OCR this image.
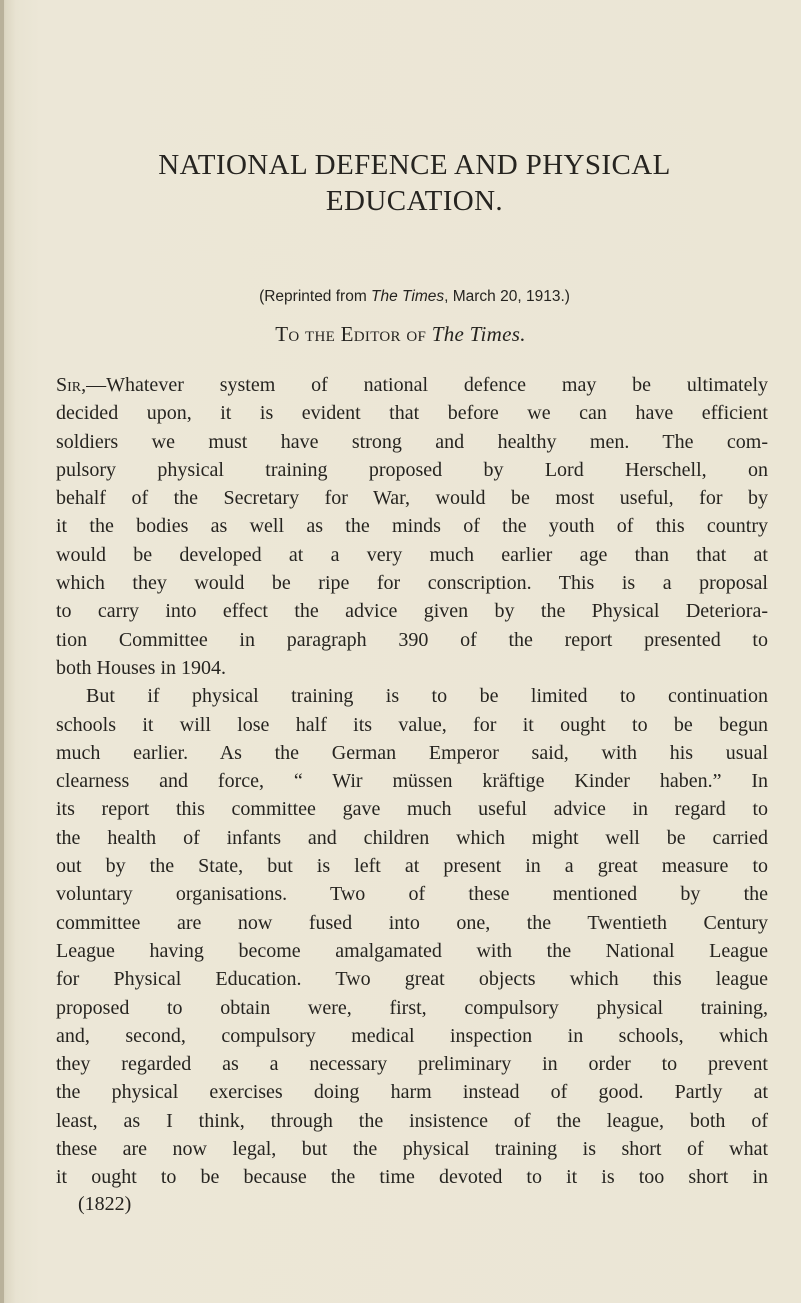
NATIONAL DEFENCE AND PHYSICAL
EDUCATION.
(Reprinted from The Times, March 20, 1913.)
To the Editor of The Times.
Sir,—Whatever system of national defence may be ultimately
decided upon, it is evident that before we can have efficient
soldiers we must have strong and healthy men. The com-
pulsory physical training proposed by Lord Herschell, on
behalf of the Secretary for War, would be most useful, for by
it the bodies as well as the minds of the youth of this country
would be developed at a very much earlier age than that at
which they would be ripe for conscription. This is a proposal
to carry into effect the advice given by the Physical Deteriora-
tion Committee in paragraph 390 of the report presented to
both Houses in 1904.
But if physical training is to be limited to continuation
schools it will lose half its value, for it ought to be begun
much earlier. As the German Emperor said, with his usual
clearness and force, “ Wir müssen kräftige Kinder haben.” In
its report this committee gave much useful advice in regard to
the health of infants and children which might well be carried
out by the State, but is left at present in a great measure to
voluntary organisations. Two of these mentioned by the
committee are now fused into one, the Twentieth Century
League having become amalgamated with the National League
for Physical Education. Two great objects which this league
proposed to obtain were, first, compulsory physical training,
and, second, compulsory medical inspection in schools, which
they regarded as a necessary preliminary in order to prevent
the physical exercises doing harm instead of good. Partly at
least, as I think, through the insistence of the league, both of
these are now legal, but the physical training is short of what
it ought to be because the time devoted to it is too short in
(1822)
